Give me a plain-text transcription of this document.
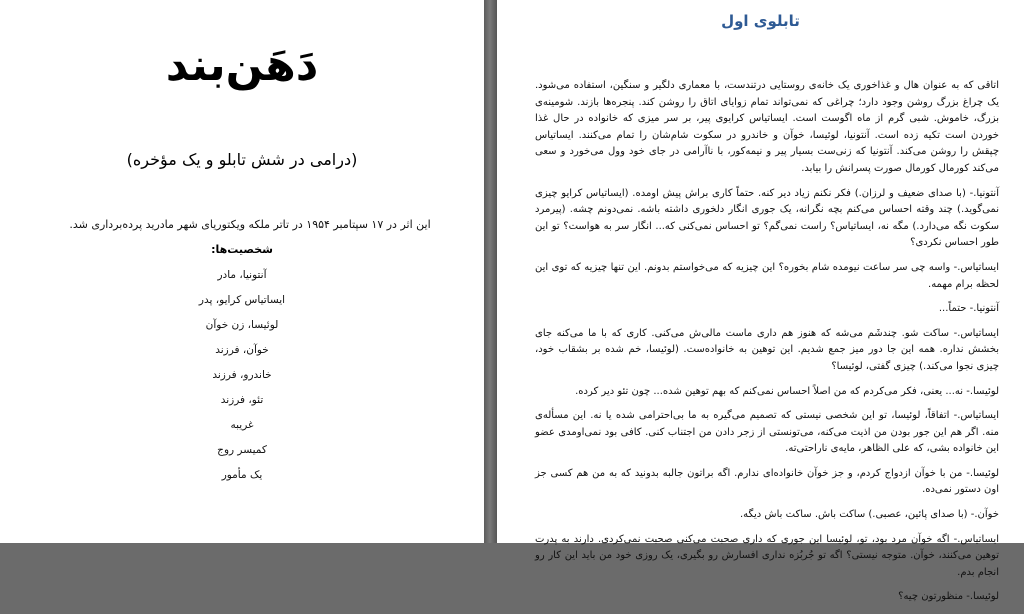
دَهَن‌بند
(درامی در شش تابلو و یک مؤخره)
این اثر در ۱۷ سپتامبر ۱۹۵۴ در تاتر ملکه ویکتوریای شهر مادرید پرده‌برداری شد.
شخصیت‌ها:
آنتونیا، مادر
ایساتیاس کرایو، پدر
لوئیسا، زن خوآن
خوآن، فرزند
خاندرو، فرزند
تئو، فرزند
غریبه
کمیسر روج
یک مأمور
تابلوی اول

اتاقی که به عنوان هال و غذاخوری یک خانه‌ی روستایی درتندست، با معماری دلگیر و سنگین، استفاده می‌شود. یک چراغ بزرگ روشن وجود دارد؛ چراغی که نمی‌تواند تمام زوایای اتاق را روشن کند. پنجره‌ها بازند. شومینه‌ی بزرگ، خاموش. شبی گرم از ماه اگوست است. ایساتیاس کرایوی پیر، بر سر میزی که خانواده در حال غذا خوردن است تکیه زده است. آنتونیا، لوئیسا، خوآن و خاندرو در سکوت شام‌شان را تمام می‌کنند. ایساتیاس چپقش را روشن می‌کند. آنتونیا که زنی‌ست بسیار پیر و نیمه‌کور، با ناآرامی در جای خود وول می‌خورد و سعی می‌کند کورمال کورمال صورت پسرانش را بیابد.

آنتونیا.- (با صدای ضعیف و لرزان.) فکر نکنم زیاد دیر کنه. حتماً کاری براش پیش اومده. (ایساتیاس کرایو چیزی نمی‌گوید.) چند وقته احساس می‌کنم بچه نگرانه، یک جوری انگار دلخوری داشته باشه. نمی‌دونم چشه. (پیرمرد سکوت نگه می‌دارد.) مگه نه، ایساتیاس؟ راست نمی‌گم؟ تو احساس نمی‌کنی که... انگار سر به هواست؟ تو این طور احساس نکردی؟

ایساتیاس.- واسه چی سر ساعت نیومده شام بخوره؟ این چیزیه که می‌خواستم بدونم. این تنها چیزیه که توی این لحظه برام مهمه.

آنتونیا.- حتماً...

ایساتیاس.- ساکت شو. چندشَم می‌شه که هنوز هم داری ماست مالی‌ش می‌کنی. کاری که با ما می‌کنه جای بخشش نداره. همه این جا دور میز جمع شدیم. این توهین به خانواده‌ست. (لوئیسا، خم شده بر بشقاب خود، چیزی نجوا می‌کند.) چیزی گفتی، لوئیسا؟

لوئیسا.- نه... یعنی، فکر می‌کردم که من اصلاً احساس نمی‌کنم که بهم توهین شده... چون تئو دیر کرده.

ایساتیاس.- اتفاقاً، لوئیسا، تو این شخصی نیستی که تصمیم می‌گیره به ما بی‌احترامی شده یا نه. این مسأله‌ی منه. اگر هم این جور بودن من اذیت می‌کنه، می‌تونستی از زجر دادن من اجتناب کنی. کافی بود نمی‌اومدی عضو این خانواده بشی، که علی الظاهر، مایه‌ی ناراحتی‌ته.

لوئیسا.- من با خوآن ازدواج کردم، و جز خوآن خانواده‌ای ندارم. اگه براتون جالبه بدونید که به من هم کسی جز اون دستور نمی‌ده.

خوآن.- (با صدای پائین، عصبی.) ساکت باش. ساکت باش دیگه.

ایساتیاس.- اگه خوآن مرد بود، تو، لوئیسا این جوری که داری صحبت می‌کنی صحبت نمی‌کردی. دارند به پدرت توهین می‌کنند، خوآن. متوجه نیستی؟ اگه تو جُربُزه نداری افسارش رو بگیری، یک روزی خود من باید این کار رو انجام بدم.

لوئیسا.- منظورتون چیه؟
